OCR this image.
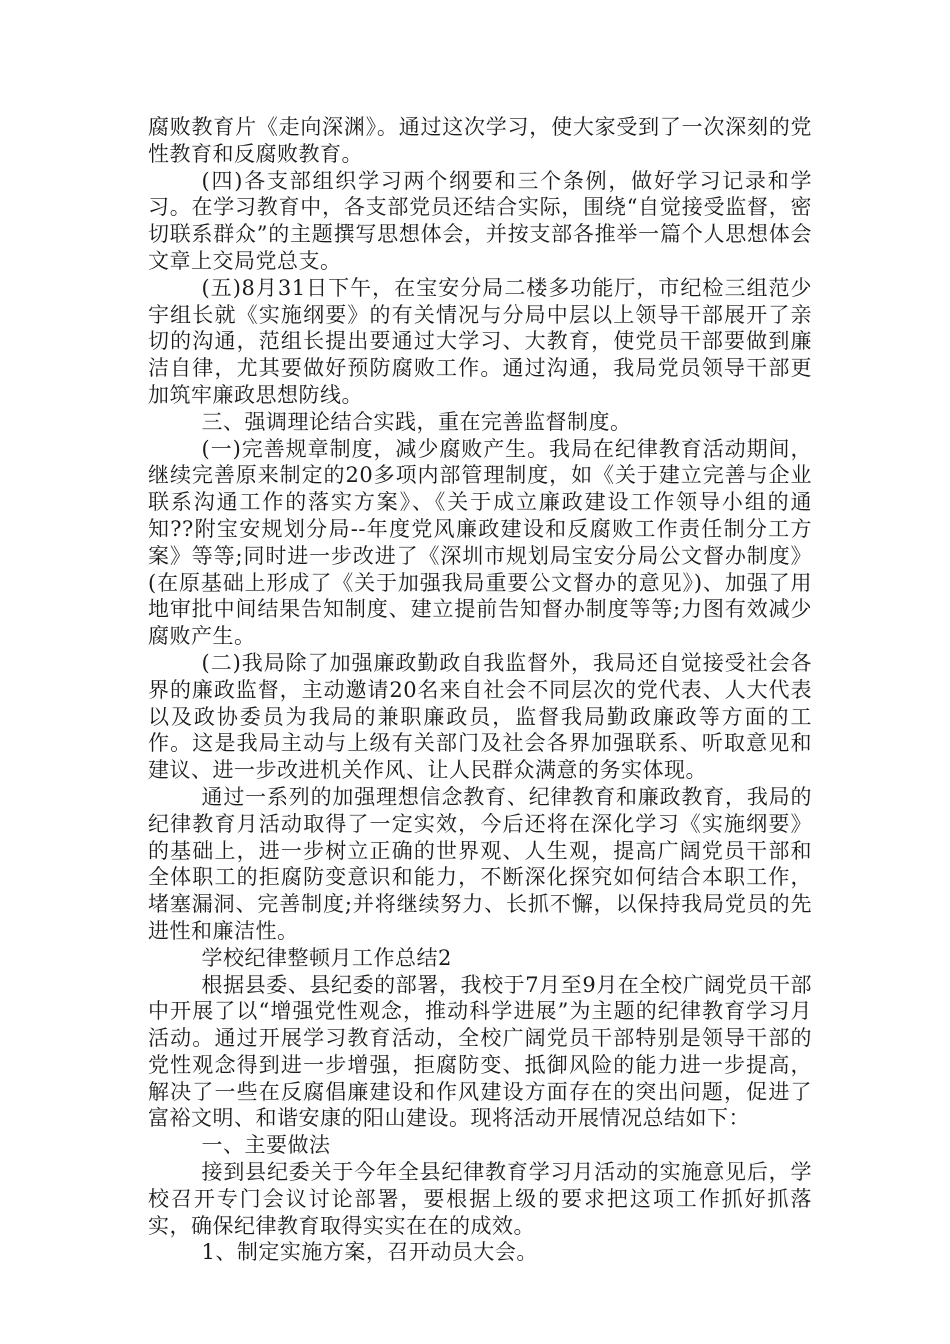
腐败教育片《走向深渊》。通过这次学习，使大家受到了一次深刻的党性教育和反腐败教育。

(四)各支部组织学习两个纲要和三个条例，做好学习记录和学习。在学习教育中，各支部党员还结合实际，围绕“自觉接受监督，密切联系群众”的主题撰写思想体会，并按支部各推举一篇个人思想体会文章上交局党总支。

(五)8月31日下午，在宝安分局二楼多功能厅，市纪检三组范少宇组长就《实施纲要》的有关情况与分局中层以上领导干部展开了亲切的沟通，范组长提出要通过大学习、大教育，使党员干部要做到廉洁自律，尤其要做好预防腐败工作。通过沟通，我局党员领导干部更加筑牢廉政思想防线。

三、强调理论结合实践，重在完善监督制度。

(一)完善规章制度，减少腐败产生。我局在纪律教育活动期间，继续完善原来制定的20多项内部管理制度，如《关于建立完善与企业联系沟通工作的落实方案》、《关于成立廉政建设工作领导小组的通知??附宝安规划分局--年度党风廉政建设和反腐败工作责任制分工方案》等等;同时进一步改进了《深圳市规划局宝安分局公文督办制度》(在原基础上形成了《关于加强我局重要公文督办的意见》)、加强了用地审批中间结果告知制度、建立提前告知督办制度等等;力图有效减少腐败产生。

(二)我局除了加强廉政勤政自我监督外，我局还自觉接受社会各界的廉政监督，主动邀请20名来自社会不同层次的党代表、人大代表以及政协委员为我局的兼职廉政员，监督我局勤政廉政等方面的工作。这是我局主动与上级有关部门及社会各界加强联系、听取意见和建议、进一步改进机关作风、让人民群众满意的务实体现。

通过一系列的加强理想信念教育、纪律教育和廉政教育，我局的纪律教育月活动取得了一定实效，今后还将在深化学习《实施纲要》的基础上，进一步树立正确的世界观、人生观，提高广阔党员干部和全体职工的拒腐防变意识和能力，不断深化探究如何结合本职工作，堵塞漏洞、完善制度;并将继续努力、长抓不懈，以保持我局党员的先进性和廉洁性。

学校纪律整顿月工作总结2

根据县委、县纪委的部署，我校于7月至9月在全校广阔党员干部中开展了以“增强党性观念，推动科学进展”为主题的纪律教育学习月活动。通过开展学习教育活动，全校广阔党员干部特别是领导干部的党性观念得到进一步增强，拒腐防变、抵御风险的能力进一步提高，解决了一些在反腐倡廉建设和作风建设方面存在的突出问题，促进了富裕文明、和谐安康的阳山建设。现将活动开展情况总结如下：

一、主要做法

接到县纪委关于今年全县纪律教育学习月活动的实施意见后，学校召开专门会议讨论部署，要根据上级的要求把这项工作抓好抓落实，确保纪律教育取得实实在在的成效。

1、制定实施方案，召开动员大会。
